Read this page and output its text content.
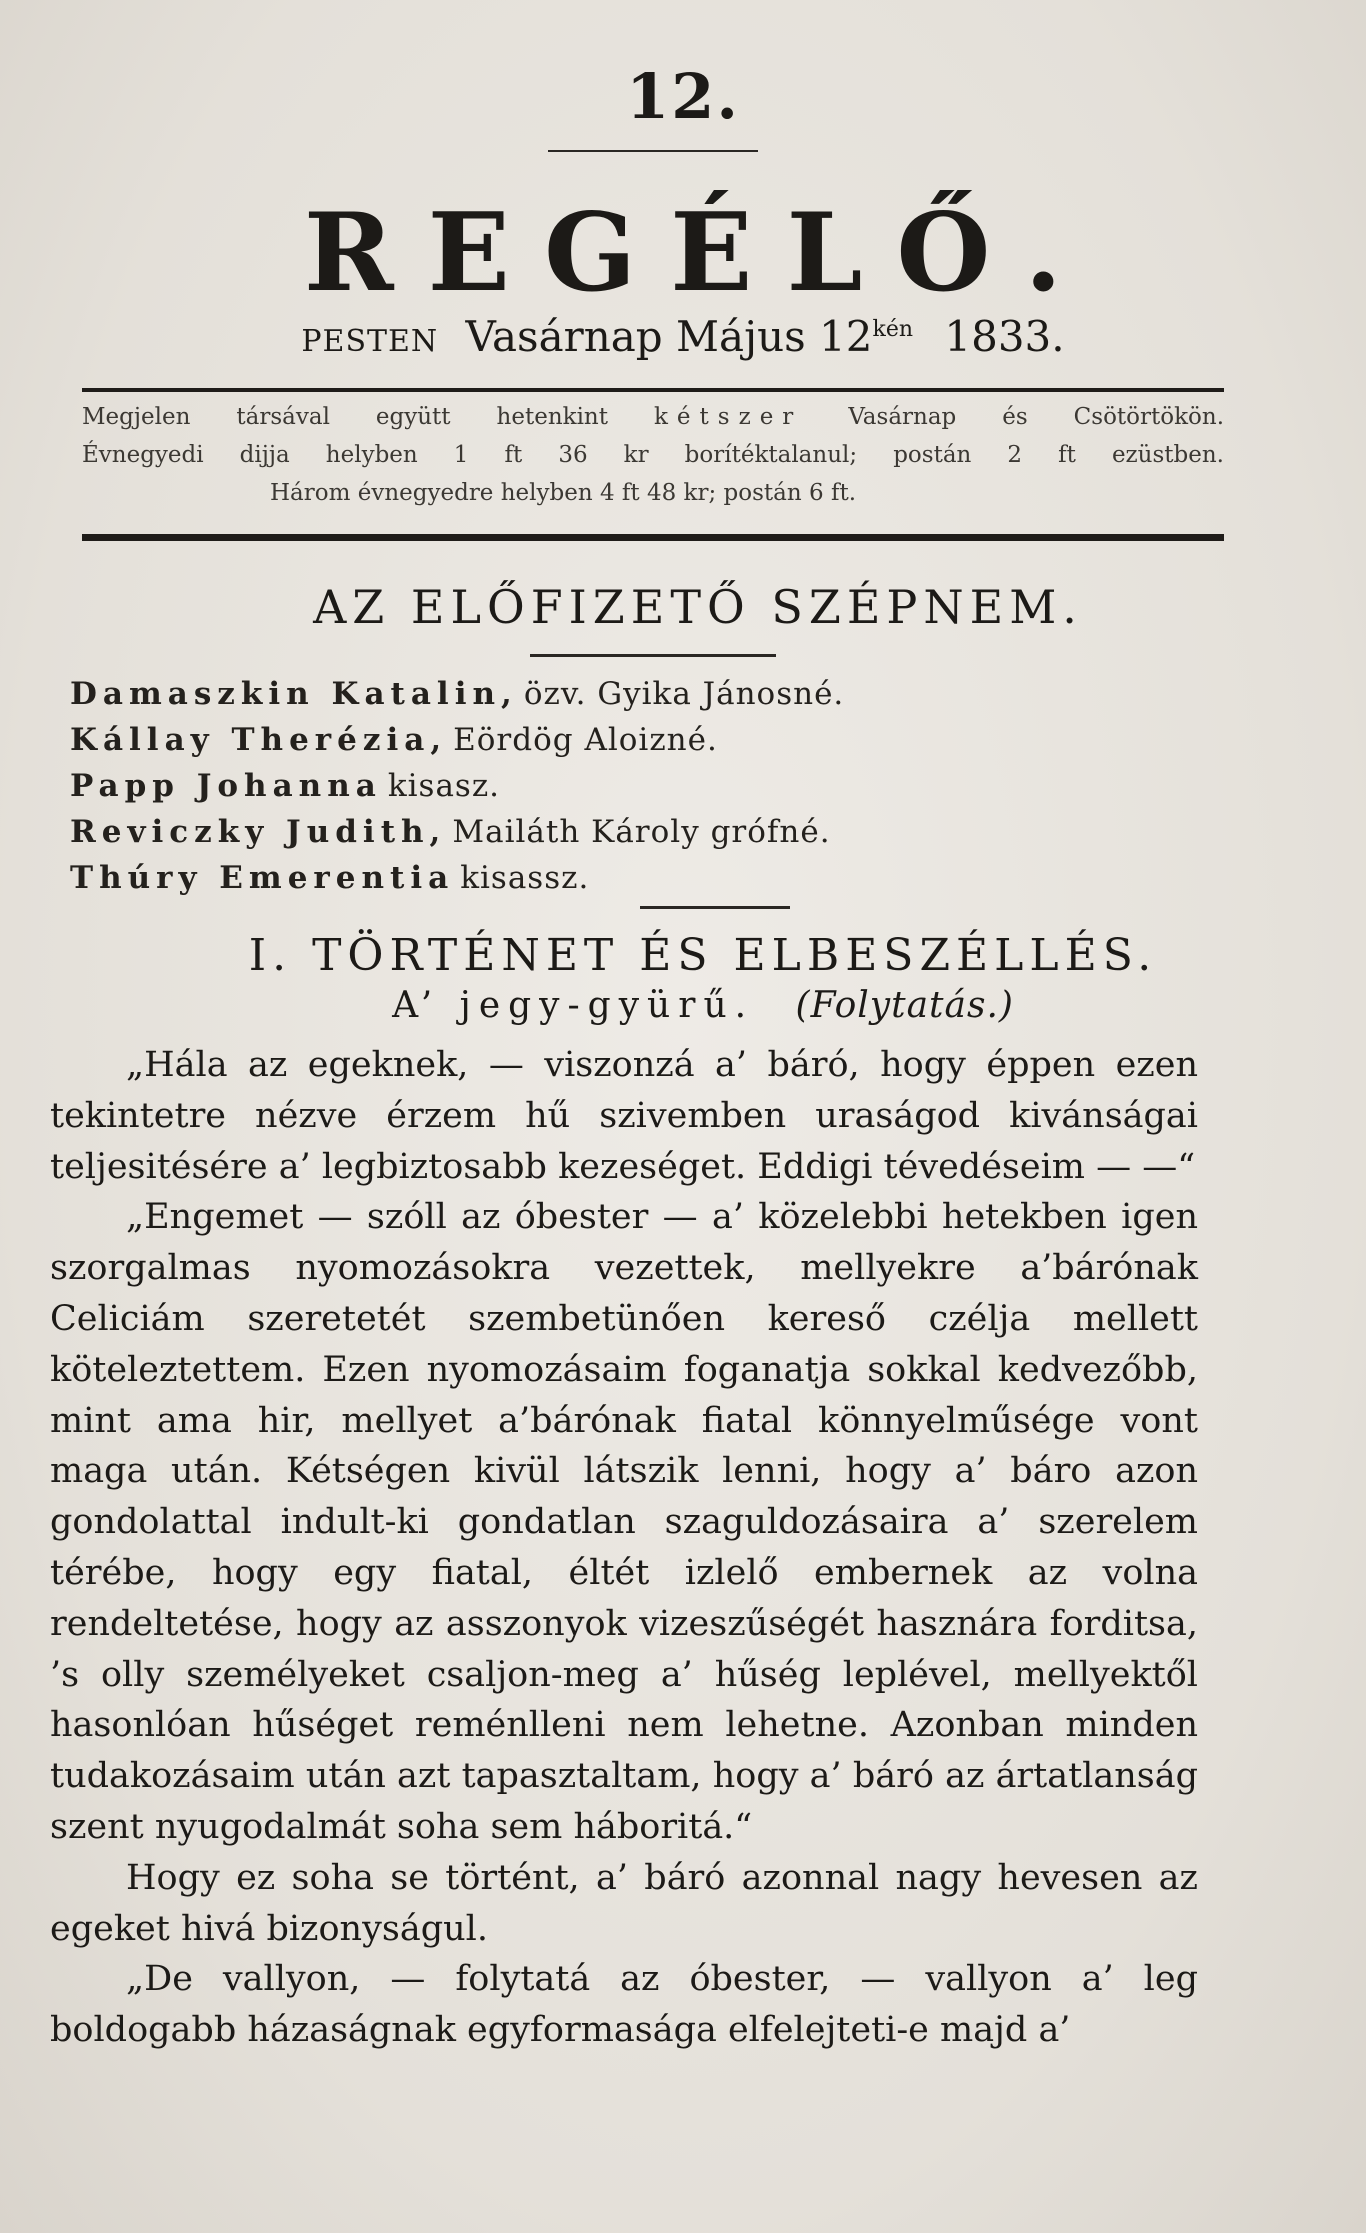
12.
REGÉLŐ.
PESTEN Vasárnap Május $12^{kén}$ 1833.
Megjelen társával együtt hetenkint kétszer Vasárnap és Csötörtökön.
Évnegyedi dijja helyben 1 ft 36 kr borítéktalanul; postán 2 ft ezüstben.
Három évnegyedre helyben 4 ft 48 kr; postán 6 ft.
AZ ELŐFIZETŐ SZÉPNEM.
Damaszkin Katalin, özv. Gyika Jánosné.
Kállay Therézia, Eördög Aloizné.
Papp Johanna kisasz.
Reviczky Judith, Mailáth Károly grófné.
Thúry Emerentia kisassz.
I. TÖRTÉNET ÉS ELBESZÉLLÉS.
A’ jegy-gyürű. (Folytatás.)

„Hála az egeknek, — viszonzá a’ báró, hogy éppen ezen tekintetre nézve érzem hű szivemben uraságod kivánságai teljesitésére a’ legbiztosabb kezeséget. Eddigi tévedéseim — —“

„Engemet — szóll az óbester — a’ közelebbi hetekben igen szorgalmas nyomozásokra vezettek, mellyekre a’bárónak Celiciám szeretetét szembetünően kereső czélja mellett köteleztettem. Ezen nyomozásaim foganatja sokkal kedvezőbb, mint ama hir, mellyet a’bárónak fiatal könnyelműsége vont maga után. Kétségen kivül látszik lenni, hogy a’ báro azon gondolattal indult-ki gondatlan szaguldozásaira a’ szerelem térébe, hogy egy fiatal, éltét izlelő embernek az volna rendeltetése, hogy az asszonyok vizeszűségét hasznára forditsa, ’s olly személyeket csaljon-meg a’ hűség leplével, mellyektől hasonlóan hűséget reménlleni nem lehetne. Azonban minden tudakozásaim után azt tapasztaltam, hogy a’ báró az ártatlanság szent nyugodalmát soha sem háboritá.“

Hogy ez soha se történt, a’ báró azonnal nagy hevesen az egeket hivá bizonyságul.

„De vallyon, — folytatá az óbester, — vallyon a’ leg boldogabb házaságnak egyformasága elfelejteti-e majd a’
